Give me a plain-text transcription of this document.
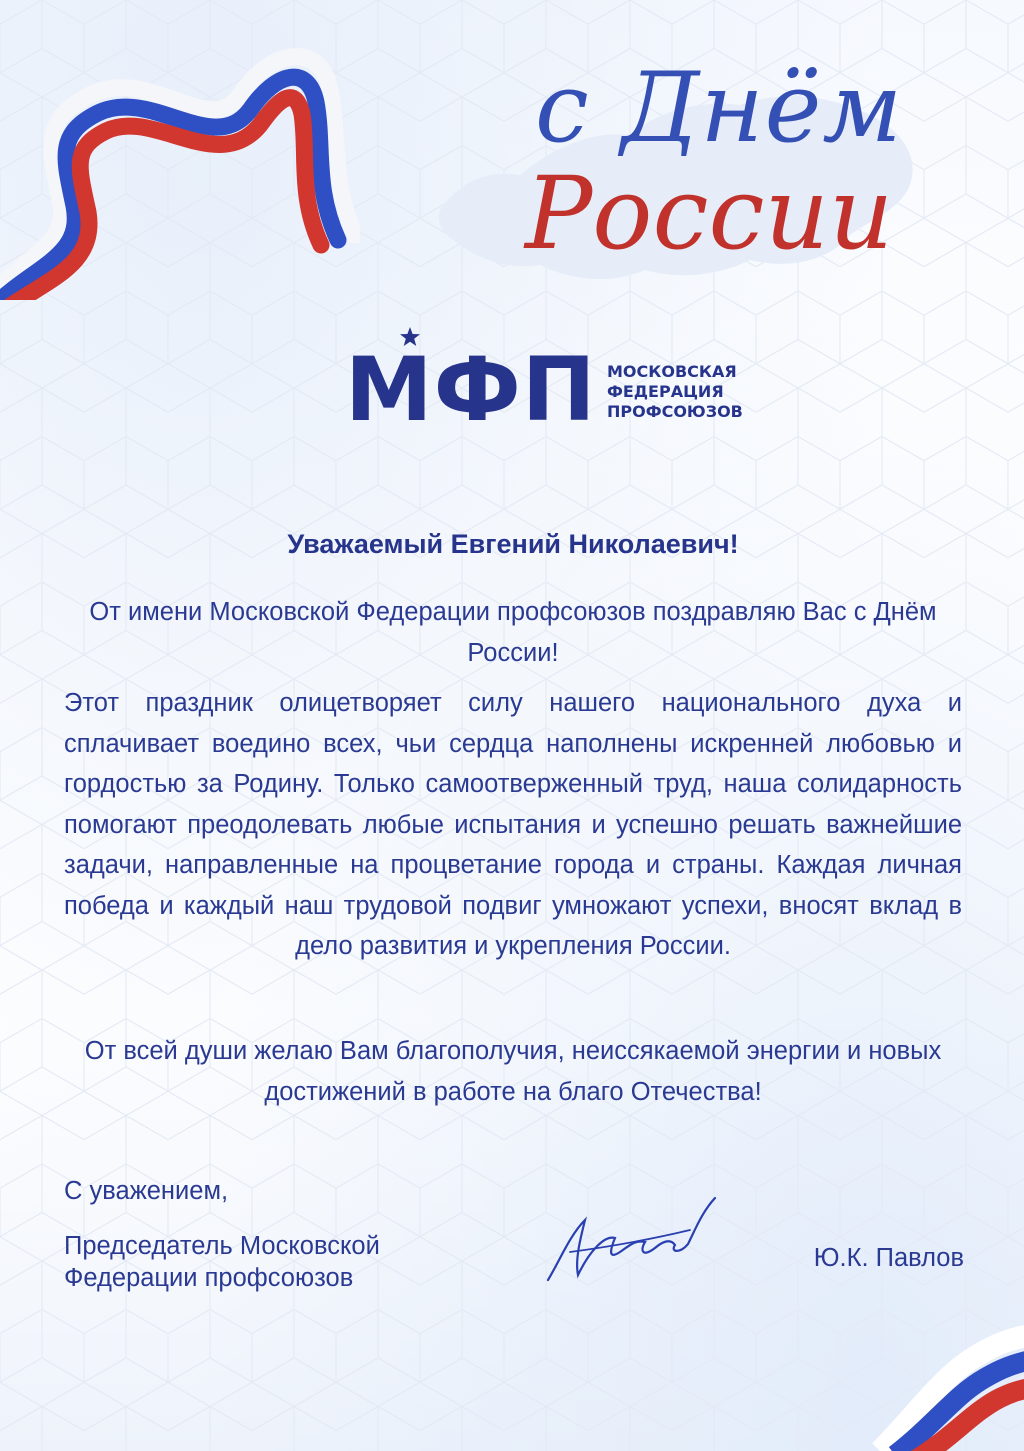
с Днём
России
МФП МОСКОВСКАЯ
ФЕДЕРАЦИЯ
ПРОФСОЮЗОВ
Уважаемый Евгений Николаевич!
От имени Московской Федерации профсоюзов поздравляю Вас с Днём России!
Этот праздник олицетворяет силу нашего национального духа и сплачивает воедино всех, чьи сердца наполнены искренней любовью и гордостью за Родину. Только самоотверженный труд, наша солидарность помогают преодолевать любые испытания и успешно решать важнейшие задачи, направленные на процветание города и страны. Каждая личная победа и каждый наш трудовой подвиг умножают успехи, вносят вклад в дело развития и укрепления России.
От всей души желаю Вам благополучия, неиссякаемой энергии и новых достижений в работе на благо Отечества!
С уважением,
Председатель Московской
Федерации профсоюзов
Ю.К. Павлов
